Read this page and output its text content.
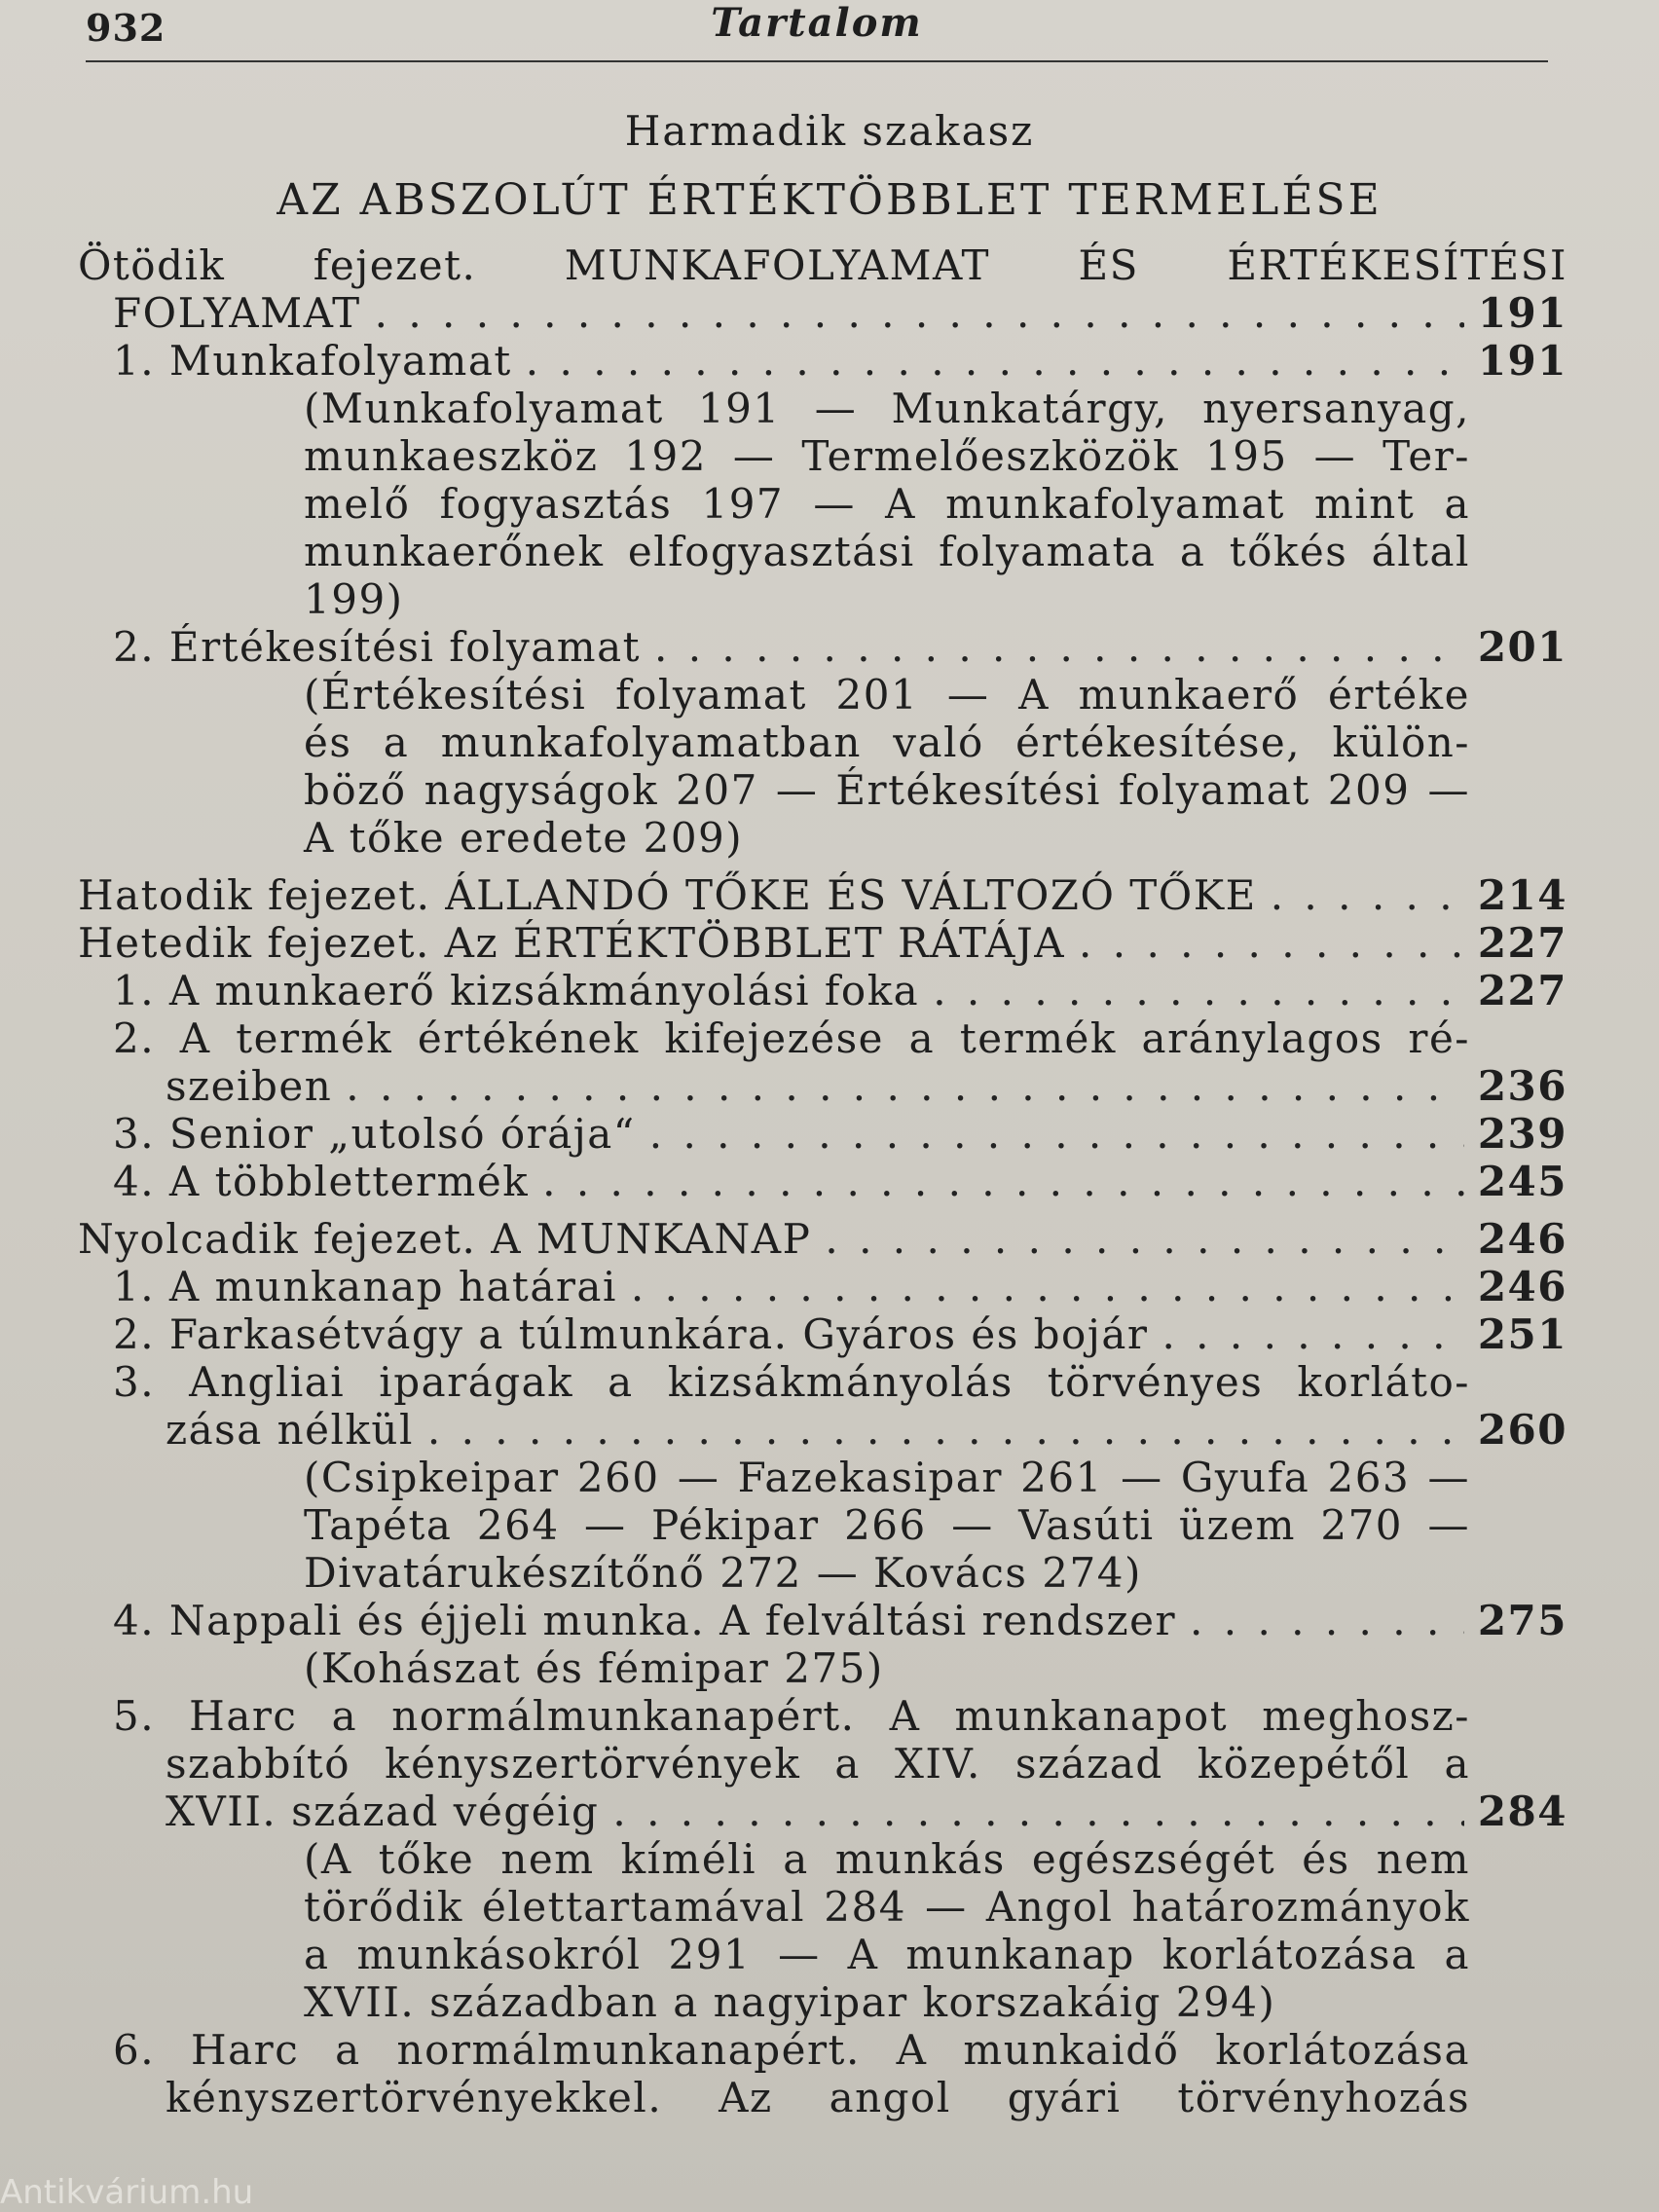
932	Tartalom
Harmadik szakasz
AZ ABSZOLÚT ÉRTÉKTÖBBLET TERMELÉSE
Ötödik fejezet. MUNKAFOLYAMAT ÉS ÉRTÉKESÍTÉSI
FOLYAMAT . . .	191
1. Munkafolyamat . . .	191
(Munkafolyamat 191 — Munkatárgy, nyersanyag,
munkaeszköz 192 — Termelőeszközök 195 — Ter-
melő fogyasztás 197 — A munkafolyamat mint a
munkaerőnek elfogyasztási folyamata a tőkés által
199)
2. Értékesítési folyamat . . .	201
(Értékesítési folyamat 201 — A munkaerő értéke
és a munkafolyamatban való értékesítése, külön-
böző nagyságok 207 — Értékesítési folyamat 209 —
A tőke eredete 209)
Hatodik fejezet. ÁLLANDÓ TŐKE ÉS VÁLTOZÓ TŐKE . . .	214
Hetedik fejezet. Az ÉRTÉKTÖBBLET RÁTÁJA . . .	227
1. A munkaerő kizsákmányolási foka . . .	227
2. A termék értékének kifejezése a termék aránylagos ré-
szeiben . . .	236
3. Senior „utolsó órája“ . . .	239
4. A többlettermék . . .	245
Nyolcadik fejezet. A MUNKANAP . . .	246
1. A munkanap határai . . .	246
2. Farkasétvágy a túlmunkára. Gyáros és bojár . . .	251
3. Angliai iparágak a kizsákmányolás törvényes korláto-
zása nélkül . . .	260
(Csipkeipar 260 — Fazekasipar 261 — Gyufa 263 —
Tapéta 264 — Pékipar 266 — Vasúti üzem 270 —
Divatárukészítőnő 272 — Kovács 274)
4. Nappali és éjjeli munka. A felváltási rendszer . . .	275
(Kohászat és fémipar 275)
5. Harc a normálmunkanapért. A munkanapot meghosz-
szabbító kényszertörvények a XIV. század közepétől a
XVII. század végéig . . .	284
(A tőke nem kíméli a munkás egészségét és nem
törődik élettartamával 284 — Angol határozmányok
a munkásokról 291 — A munkanap korlátozása a
XVII. században a nagyipar korszakáig 294)
6. Harc a normálmunkanapért. A munkaidő korlátozása
kényszertörvényekkel. Az angol gyári törvényhozás
Antikvárium.hu
